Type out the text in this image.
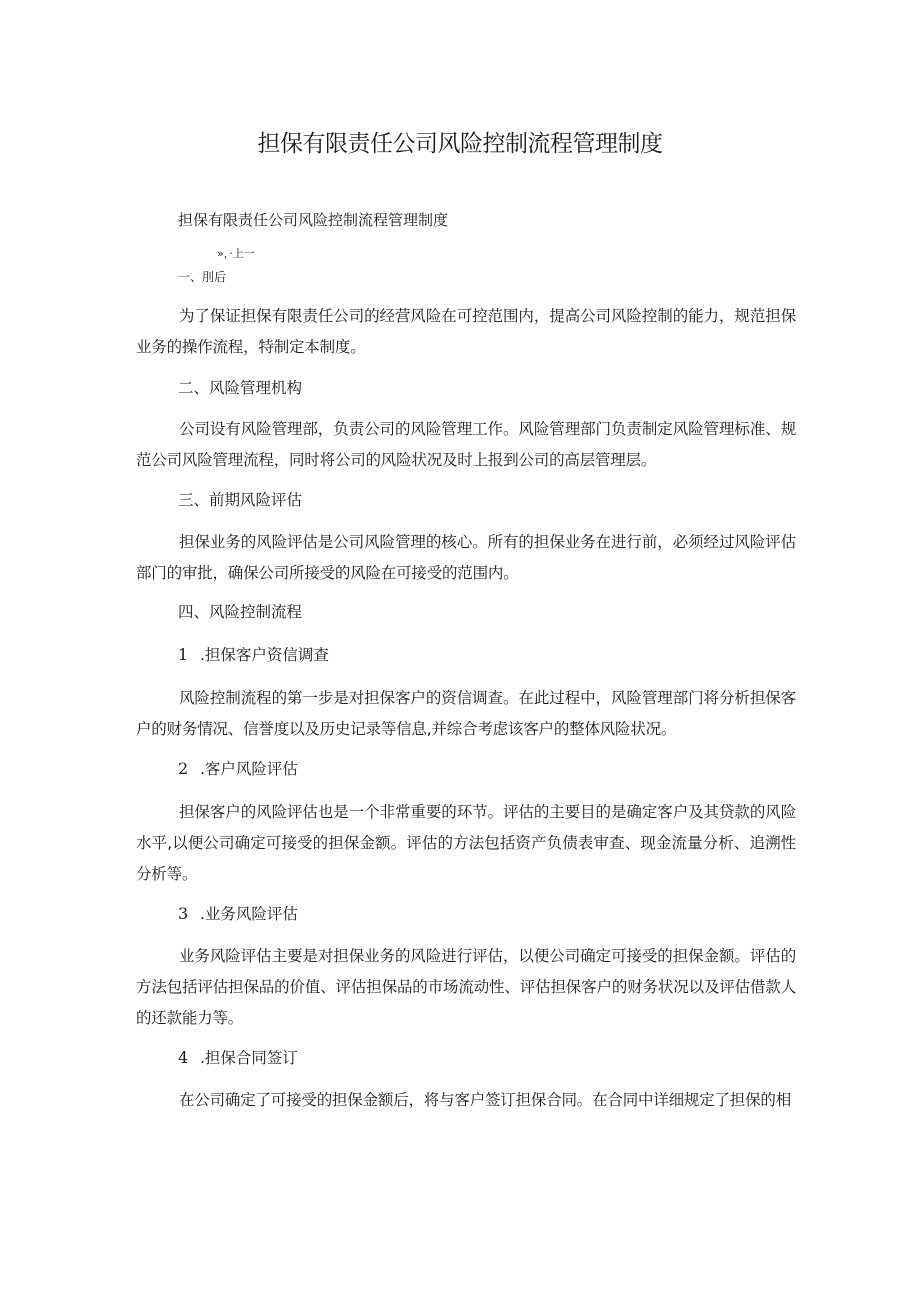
担保有限责任公司风险控制流程管理制度
担保有限责任公司风险控制流程管理制度
»，·上一
一、刖后
为了保证担保有限责任公司的经营风险在可控范围内，提高公司风险控制的能力，规范担保业务的操作流程，特制定本制度。
二、风险管理机构
公司设有风险管理部，负责公司的风险管理工作。风险管理部门负责制定风险管理标准、规范公司风险管理流程，同时将公司的风险状况及时上报到公司的高层管理层。
三、前期风险评估
担保业务的风险评估是公司风险管理的核心。所有的担保业务在进行前，必须经过风险评估部门的审批，确保公司所接受的风险在可接受的范围内。
四、风险控制流程
1 .担保客户资信调查
风险控制流程的第一步是对担保客户的资信调查。在此过程中，风险管理部门将分析担保客户的财务情况、信誉度以及历史记录等信息,并综合考虑该客户的整体风险状况。
2 .客户风险评估
担保客户的风险评估也是一个非常重要的环节。评估的主要目的是确定客户及其贷款的风险水平,以便公司确定可接受的担保金额。评估的方法包括资产负债表审查、现金流量分析、追溯性分析等。
3 .业务风险评估
业务风险评估主要是对担保业务的风险进行评估，以便公司确定可接受的担保金额。评估的方法包括评估担保品的价值、评估担保品的市场流动性、评估担保客户的财务状况以及评估借款人的还款能力等。
4 .担保合同签订
在公司确定了可接受的担保金额后，将与客户签订担保合同。在合同中详细规定了担保的相
